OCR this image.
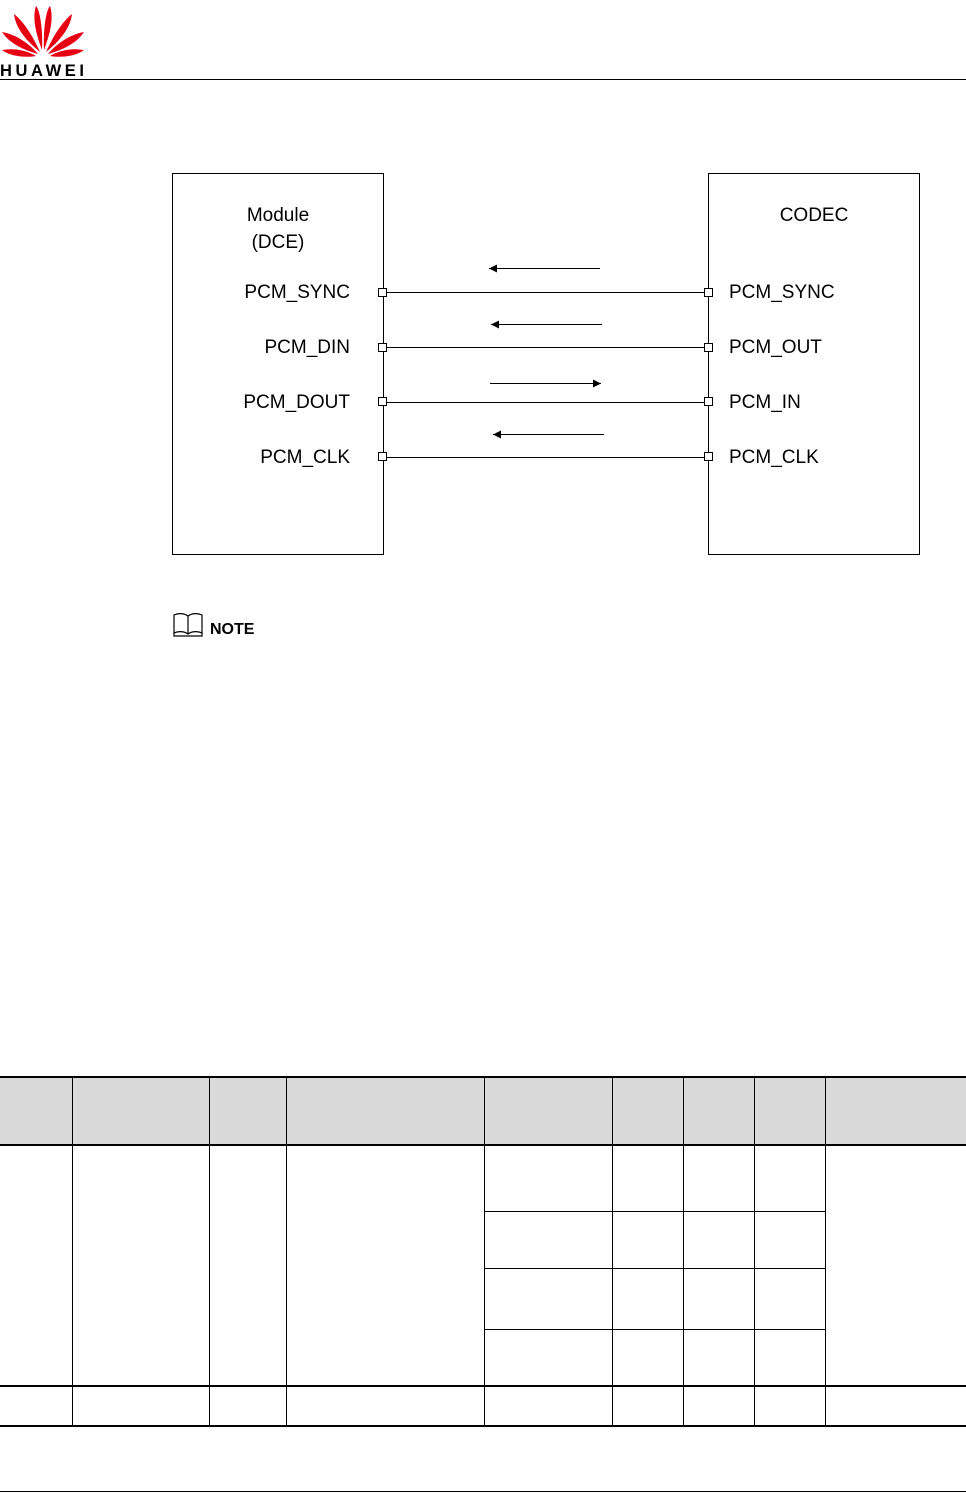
HUAWEI
Module
(DCE)
CODEC
PCM_SYNC	PCM_SYNC
PCM_DIN	PCM_OUT
PCM_DOUT	PCM_IN
PCM_CLK	PCM_CLK
NOTE
